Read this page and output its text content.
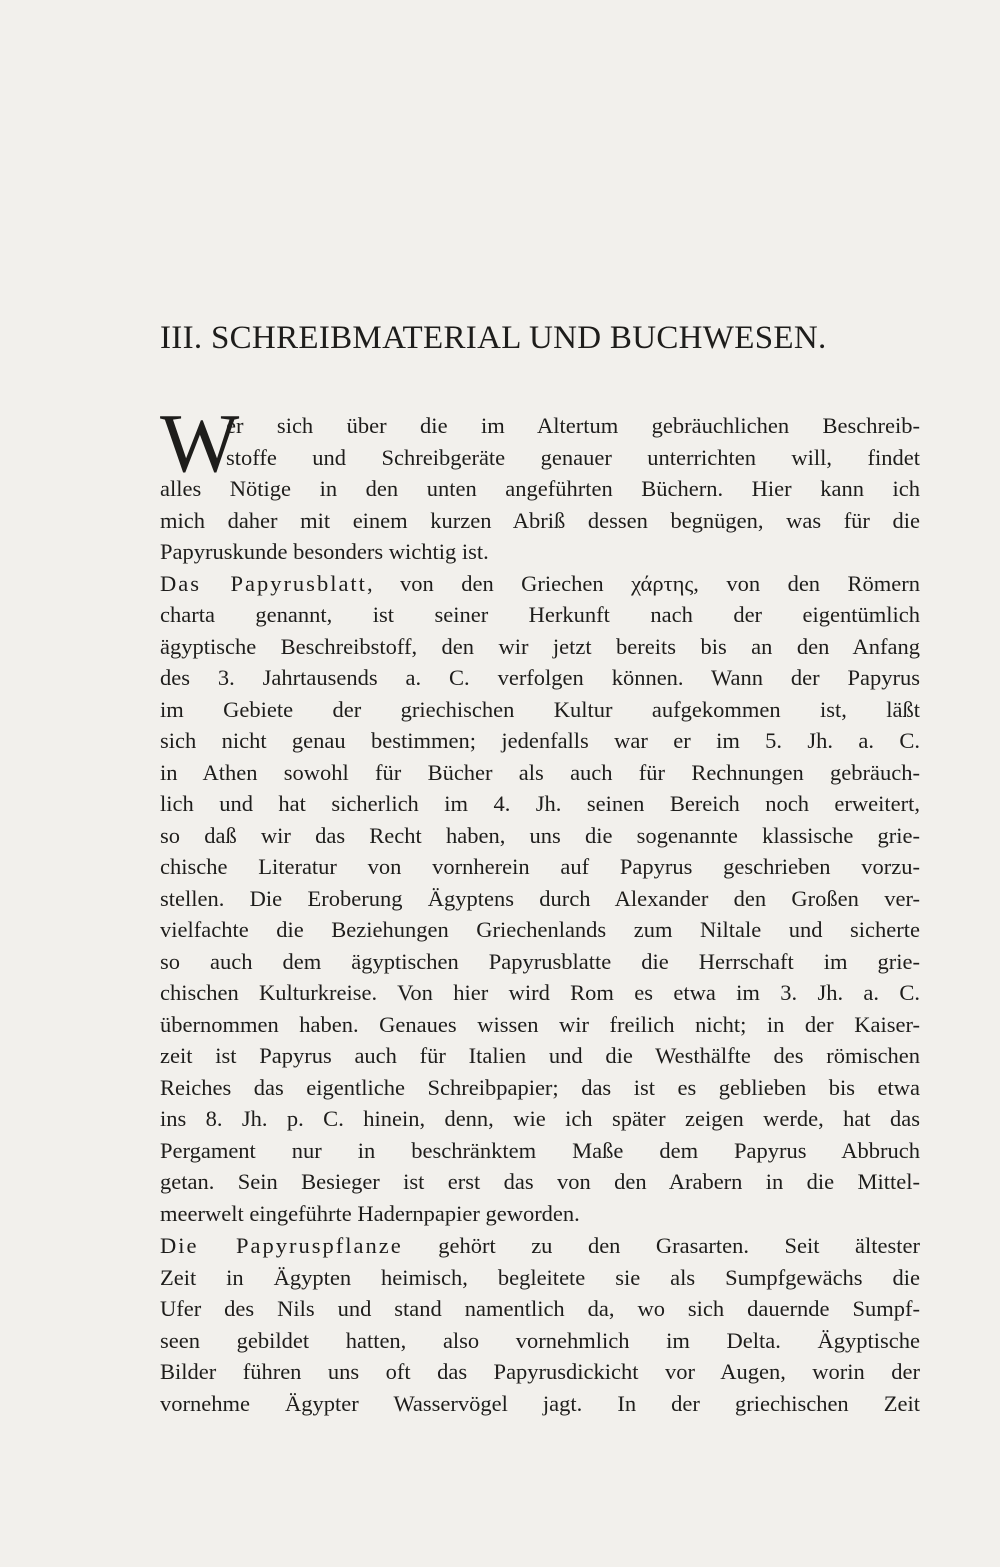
III. SCHREIBMATERIAL UND BUCHWESEN.
W
er sich über die im Altertum gebräuchlichen Beschreib-
stoffe und Schreibgeräte genauer unterrichten will, findet
alles Nötige in den unten angeführten Büchern. Hier kann ich
mich daher mit einem kurzen Abriß dessen begnügen, was für die
Papyruskunde besonders wichtig ist.
Das Papyrusblatt, von den Griechen χάρτης, von den Römern
charta genannt, ist seiner Herkunft nach der eigentümlich
ägyptische Beschreibstoff, den wir jetzt bereits bis an den Anfang
des 3. Jahrtausends a. C. verfolgen können. Wann der Papyrus
im Gebiete der griechischen Kultur aufgekommen ist, läßt
sich nicht genau bestimmen; jedenfalls war er im 5. Jh. a. C.
in Athen sowohl für Bücher als auch für Rechnungen gebräuch-
lich und hat sicherlich im 4. Jh. seinen Bereich noch erweitert,
so daß wir das Recht haben, uns die sogenannte klassische grie-
chische Literatur von vornherein auf Papyrus geschrieben vorzu-
stellen. Die Eroberung Ägyptens durch Alexander den Großen ver-
vielfachte die Beziehungen Griechenlands zum Niltale und sicherte
so auch dem ägyptischen Papyrusblatte die Herrschaft im grie-
chischen Kulturkreise. Von hier wird Rom es etwa im 3. Jh. a. C.
übernommen haben. Genaues wissen wir freilich nicht; in der Kaiser-
zeit ist Papyrus auch für Italien und die Westhälfte des römischen
Reiches das eigentliche Schreibpapier; das ist es geblieben bis etwa
ins 8. Jh. p. C. hinein, denn, wie ich später zeigen werde, hat das
Pergament nur in beschränktem Maße dem Papyrus Abbruch
getan. Sein Besieger ist erst das von den Arabern in die Mittel-
meerwelt eingeführte Hadernpapier geworden.
Die Papyruspflanze gehört zu den Grasarten. Seit ältester
Zeit in Ägypten heimisch, begleitete sie als Sumpfgewächs die
Ufer des Nils und stand namentlich da, wo sich dauernde Sumpf-
seen gebildet hatten, also vornehmlich im Delta. Ägyptische
Bilder führen uns oft das Papyrusdickicht vor Augen, worin der
vornehme Ägypter Wasservögel jagt. In der griechischen Zeit
